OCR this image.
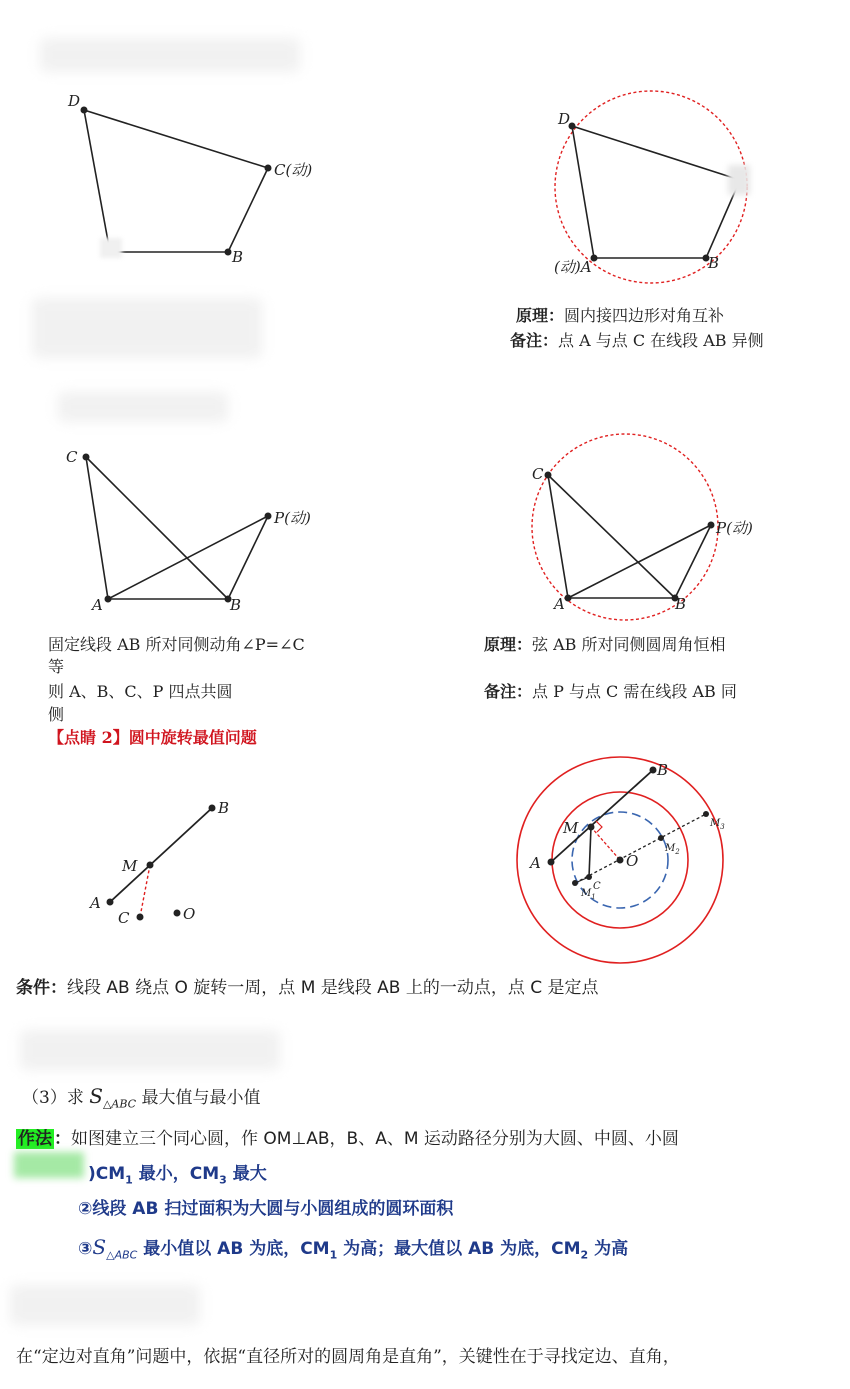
D
C(动)
B
D
(动)A	B
原理：圆内接四边形对角互补
备注：点 A 与点 C 在线段 AB 异侧
C
P(动)
A	B
C
P(动)
A	B
固定线段 AB 所对同侧动角∠P=∠C
等
则 A、B、C、P 四点共圆
侧
原理：弦 AB 所对同侧圆周角恒相
备注：点 P 与点 C 需在线段 AB 同
【点睛 2】圆中旋转最值问题
B
M
A
C	O
B
M
A	O
C
$M_1$
$M_2$
$M_3$
条件：线段 AB 绕点 O 旋转一周，点 M 是线段 AB 上的一动点，点 C 是定点
（3）求 $S_{\triangle ABC}$ 最大值与最小值
作法 ：如图建立三个同心圆，作 OM⊥AB，B、A、M 运动路径分别为大圆、中圆、小圆
)$CM_1$ 最小，$CM_3$ 最大
②线段 AB 扫过面积为大圆与小圆组成的圆环面积
$③S_{\triangle ABC}$ 最小值以 AB 为底，$CM_1$ 为高；最大值以 AB 为底，$CM_2$ 为高
在“定边对直角”问题中，依据“直径所对的圆周角是直角”，关键性在于寻找定边、直角，
